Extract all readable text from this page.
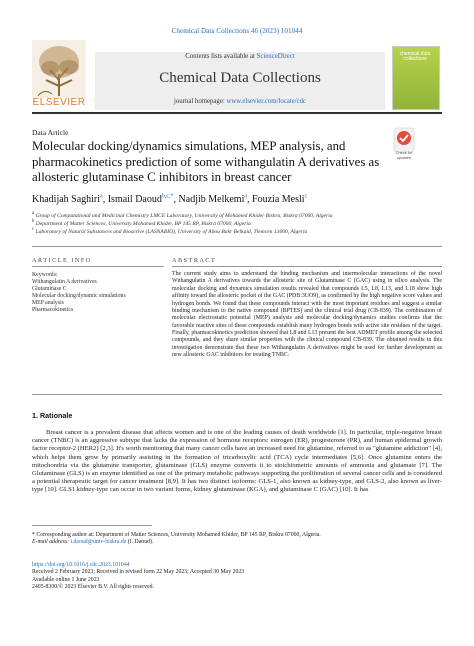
Chemical Data Collections 46 (2023) 101044
ELSEVIER
Contents lists available at ScienceDirect
Chemical Data Collections
journal homepage: www.elsevier.com/locate/cdc
chemical data collections
Data Article
Molecular docking/dynamics simulations, MEP analysis, and pharmacokinetics prediction of some withangulatin A derivatives as allosteric glutaminase C inhibitors in breast cancer
Check for updates
Khadijah Saghiri$^a$, Ismail Daoud$^{b,c,*}$, Nadjib Melkemi$^a$, Fouzia Mesli$^c$
$^a$ Group of Computational and Medicinal Chemistry LMCE Laboratory, University of Mohamed Khider Biskra, Biskra 07000, Algeria
$^b$ Department of Matter Sciences, University Mohamed Khider, BP 145 RP, Biskra 07000, Algeria
$^c$ Laboratory of Natural Substances and Bioactive (LASNABIO), University of Abou Bakr Belkaid, Tlemcen 13000, Algeria
ARTICLE INFO	ABSTRACT
Keywords:
Withangulatin A derivatives
Glutaminase C
Molecular docking/dynamic simulations
MEP analysis
Pharmacokinetics
The current study aims to understand the binding mechanism and intermolecular interactions of the novel Withangulatin A derivatives towards the allosteric site of Glutaminase C (GAC) using in silico analysis. The molecular docking and dynamics simulation results revealed that compounds L5, L8, L13, and L18 show high affinity toward the allosteric pocket of the GAC (PDB:3UO9), as confirmed by the high negative score values and hydrogen bonds. We found that these compounds interact with the most important residues and suggest a similar binding mechanism to the native compound (BPTES) and the clinical trial drug (CB-839). The combination of molecular electrostatic potential (MEP) analysis and molecular docking/dynamics studies confirms that the favorable reactive sites of these compounds establish many hydrogen bonds with active site residues of the target. Finally, pharmacokinetics prediction showed that L8 and L13 present the best ADMET profile among the selected compounds, and they share similar properties with the clinical compound CB-839. The obtained results in this investigation demonstrate that these two Withangulatin A derivatives might be used for further development as new allosteric GAC inhibitors for treating TNBC.
1. Rationale
Breast cancer is a prevalent disease that affects women and is one of the leading causes of death worldwide [1]. In particular, triple-negative breast cancer (TNBC) is an aggressive subtype that lacks the expression of hormone receptors: estrogen (ER), progesterone (PR), and human epidermal growth factor receptor-2 (HER2) [2,3]. It's worth mentioning that many cancer cells have an increased need for glutamine, referred to as "glutamine addiction" [4], which helps them grow by primarily assisting in the formation of tricarboxylic acid (TCA) cycle intermediates [5,6]. Once glutamine enters the mitochondria via the glutamine transporter, glutaminase (GLS) enzyme converts it to stoichiometric amounts of ammonia and glutamate [7]. The Glutaminase (GLS) is an enzyme identified as one of the primary metabolic pathways supporting the proliferation of several cancer cells and is considered a potential therapeutic target for cancer treatment [8,9]. It has two distinct isoforms: GLS-1, also known as kidney-type, and GLS-2, also known as liver-type [10]. GLS1 kidney-type can occur in two variant forms, kidney glutaminase (KGA), and glutaminase C (GAC) [10]. It has
* Corresponding author at: Department of Matter Sciences, University Mohamed Khider, BP 145 RP, Biskra 07000, Algeria.
E-mail address: i.daoud@univ-biskra.dz (I. Daoud).
https://doi.org/10.1016/j.cdc.2023.101044
Received 2 February 2023; Received in revised form 22 May 2023; Accepted 30 May 2023
Available online 1 June 2023
2405-8300/© 2023 Elsevier B.V. All rights reserved.
